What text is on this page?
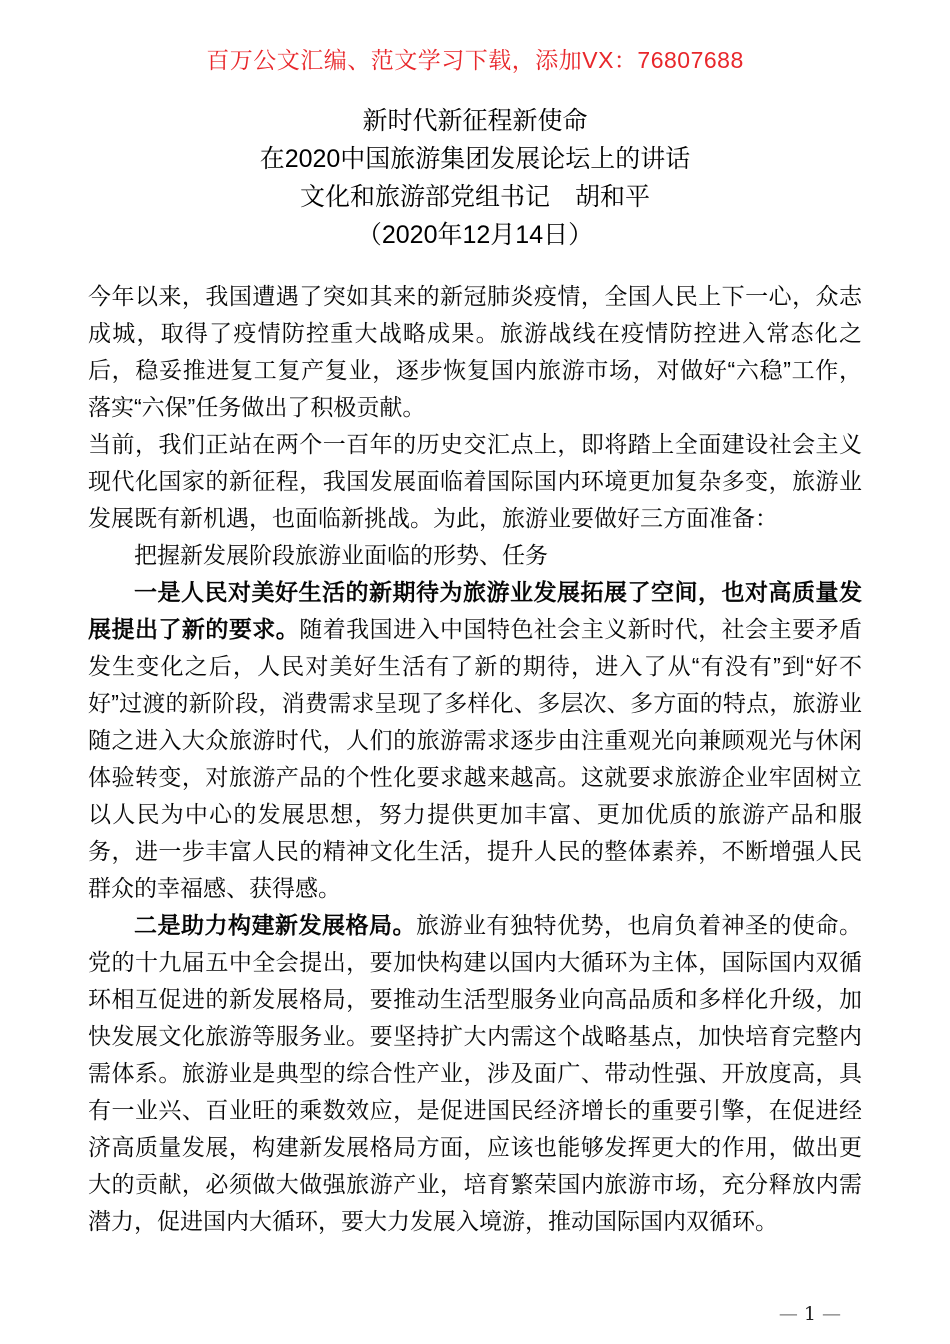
百万公文汇编、范文学习下载，添加VX：76807688
新时代新征程新使命
在2020中国旅游集团发展论坛上的讲话
文化和旅游部党组书记　胡和平
（2020年12月14日）

今年以来，我国遭遇了突如其来的新冠肺炎疫情，全国人民上下一心，众志成城，取得了疫情防控重大战略成果。旅游战线在疫情防控进入常态化之后，稳妥推进复工复产复业，逐步恢复国内旅游市场，对做好“六稳”工作，落实“六保”任务做出了积极贡献。

当前，我们正站在两个一百年的历史交汇点上，即将踏上全面建设社会主义现代化国家的新征程，我国发展面临着国际国内环境更加复杂多变，旅游业发展既有新机遇，也面临新挑战。为此，旅游业要做好三方面准备：

把握新发展阶段旅游业面临的形势、任务

一是人民对美好生活的新期待为旅游业发展拓展了空间，也对高质量发展提出了新的要求。随着我国进入中国特色社会主义新时代，社会主要矛盾发生变化之后，人民对美好生活有了新的期待，进入了从“有没有”到“好不好”过渡的新阶段，消费需求呈现了多样化、多层次、多方面的特点，旅游业随之进入大众旅游时代，人们的旅游需求逐步由注重观光向兼顾观光与休闲体验转变，对旅游产品的个性化要求越来越高。这就要求旅游企业牢固树立以人民为中心的发展思想，努力提供更加丰富、更加优质的旅游产品和服务，进一步丰富人民的精神文化生活，提升人民的整体素养，不断增强人民群众的幸福感、获得感。

二是助力构建新发展格局。旅游业有独特优势，也肩负着神圣的使命。党的十九届五中全会提出，要加快构建以国内大循环为主体，国际国内双循环相互促进的新发展格局，要推动生活型服务业向高品质和多样化升级，加快发展文化旅游等服务业。要坚持扩大内需这个战略基点，加快培育完整内需体系。旅游业是典型的综合性产业，涉及面广、带动性强、开放度高，具有一业兴、百业旺的乘数效应，是促进国民经济增长的重要引擎，在促进经济高质量发展，构建新发展格局方面，应该也能够发挥更大的作用，做出更大的贡献，必须做大做强旅游产业，培育繁荣国内旅游市场，充分释放内需潜力，促进国内大循环，要大力发展入境游，推动国际国内双循环。

— 1 —
